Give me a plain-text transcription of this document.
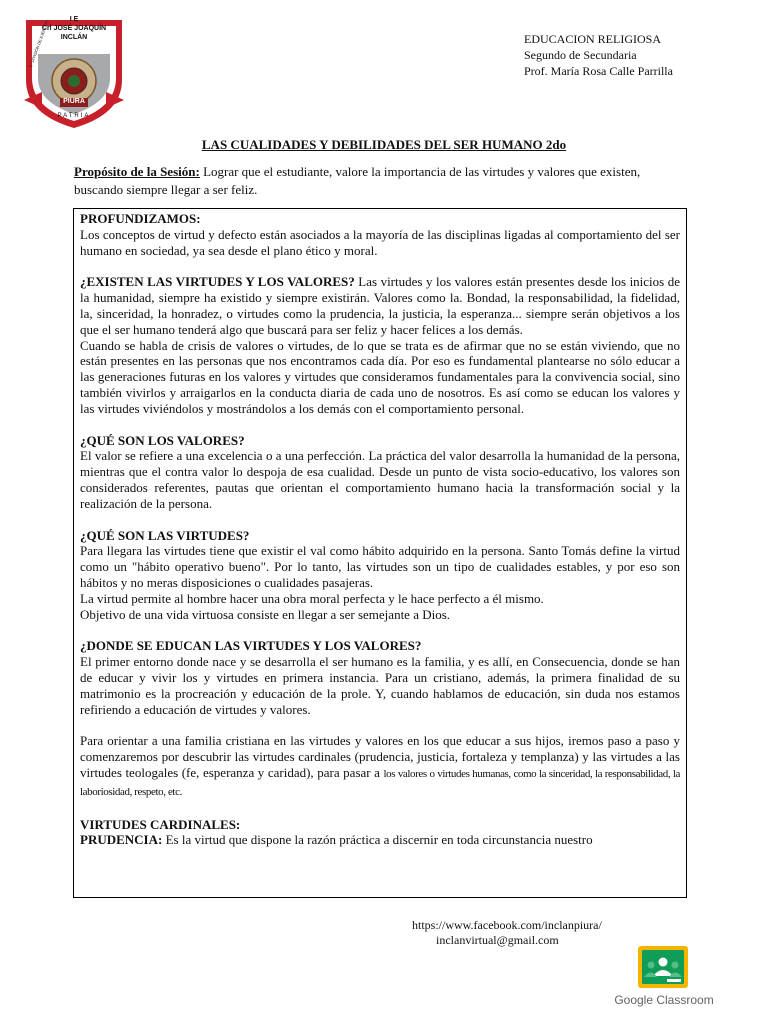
I E
Crl JOSÉ JOAQUÍN
INCLÁN
1° DIVISIÓN
PIURA
PATRIA
EDUCACION RELIGIOSA
Segundo de Secundaria
Prof. María Rosa Calle Parrilla
LAS CUALIDADES Y DEBILIDADES DEL SER HUMANO 2do
Propósito de la Sesión: Lograr que el estudiante, valore la importancia de las virtudes y valores que existen, buscando siempre llegar a ser feliz.
PROFUNDIZAMOS:

Los conceptos de virtud y defecto están asociados a la mayoría de las disciplinas ligadas al comportamiento del ser humano en sociedad, ya sea desde el plano ético y moral.

¿EXISTEN LAS VIRTUDES Y LOS VALORES? Las virtudes y los valores están presentes desde los inicios de la humanidad, siempre ha existido y siempre existirán. Valores como la. Bondad, la responsabilidad, la fidelidad, la, sinceridad, la honradez, o virtudes como la prudencia, la justicia, la esperanza... siempre serán objetivos a los que el ser humano tenderá algo que buscará para ser feliz y hacer felices a los demás.

Cuando se habla de crisis de valores o virtudes, de lo que se trata es de afirmar que no se están viviendo, que no están presentes en las personas que nos encontramos cada día. Por eso es fundamental plantearse no sólo educar a las generaciones futuras en los valores y virtudes que consideramos fundamentales para la convivencia social, sino también vivirlos y arraigarlos en la conducta diaria de cada uno de nosotros. Es así como se educan los valores y las virtudes viviéndolos y mostrándolos a los demás con el comportamiento personal.

¿QUÉ SON LOS VALORES?

El valor se refiere a una excelencia o a una perfección. La práctica del valor desarrolla la humanidad de la persona, mientras que el contra valor lo despoja de esa cualidad. Desde un punto de vista socio-educativo, los valores son considerados referentes, pautas que orientan el comportamiento humano hacia la transformación social y la realización de la persona.

¿QUÉ SON LAS VIRTUDES?

Para llegara las virtudes tiene que existir el val como hábito adquirido en la persona. Santo Tomás define la virtud como un "hábito operativo bueno". Por lo tanto, las virtudes son un tipo de cualidades estables, y por eso son hábitos y no meras disposiciones o cualidades pasajeras.

La virtud permite al hombre hacer una obra moral perfecta y le hace perfecto a él mismo.

Objetivo de una vida virtuosa consiste en llegar a ser semejante a Dios.

¿DONDE SE EDUCAN LAS VIRTUDES Y LOS VALORES?

El primer entorno donde nace y se desarrolla el ser humano es la familia, y es allí, en Consecuencia, donde se han de educar y vivir los y virtudes en primera instancia. Para un cristiano, además, la primera finalidad de su matrimonio es la procreación y educación de la prole. Y, cuando hablamos de educación, sin duda nos estamos refiriendo a educación de virtudes y valores.

Para orientar a una familia cristiana en las virtudes y valores en los que educar a sus hijos, iremos paso a paso y comenzaremos por descubrir las virtudes cardinales (prudencia, justicia, fortaleza y templanza) y las virtudes a las virtudes teologales (fe, esperanza y caridad), para pasar a los valores o virtudes humanas, como la sinceridad, la responsabilidad, la laboriosidad, respeto, etc.

VIRTUDES CARDINALES:

PRUDENCIA: Es la virtud que dispone la razón práctica a discernir en toda circunstancia nuestro

https://www.facebook.com/inclanpiura/
inclanvirtual@gmail.com
Google Classroom
